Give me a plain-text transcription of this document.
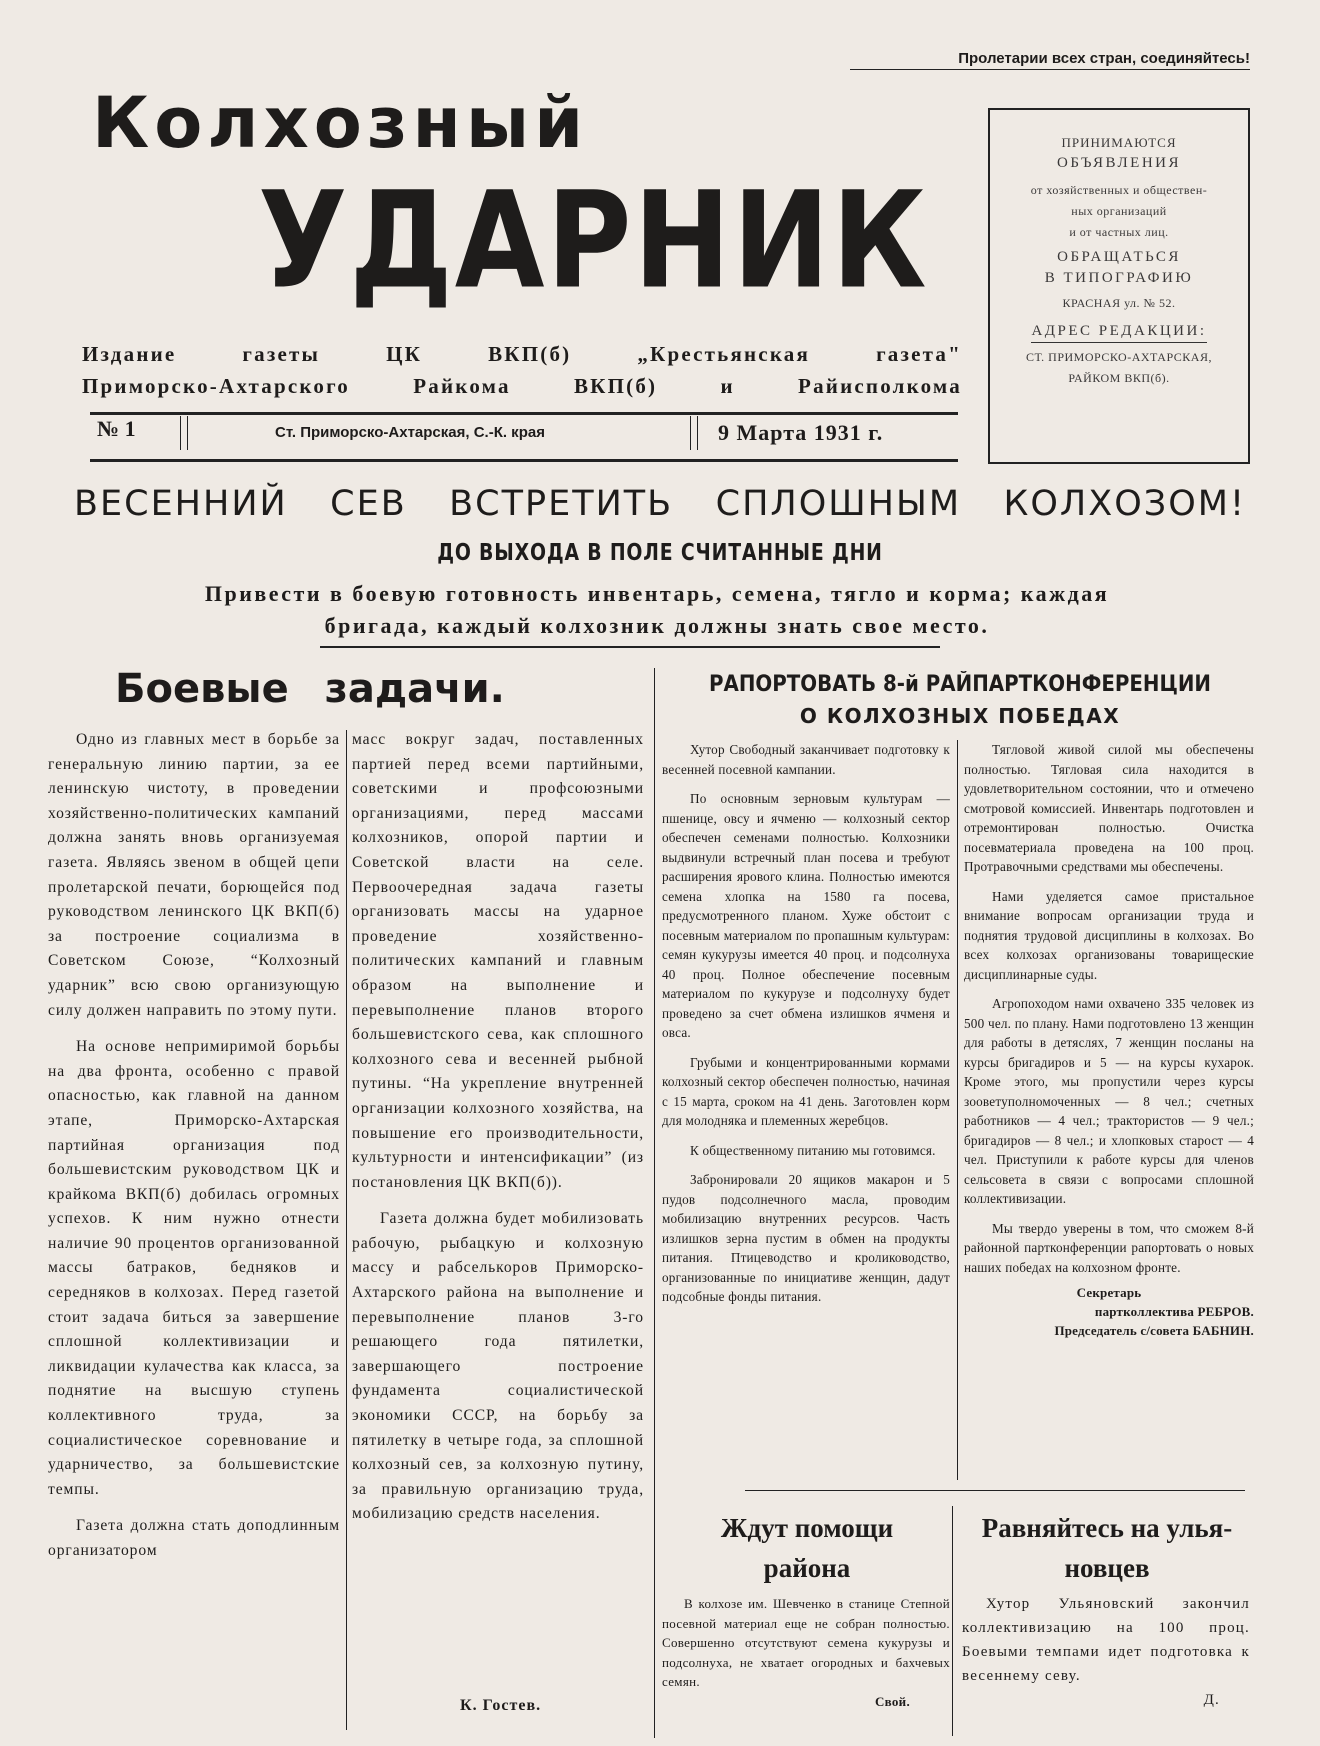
Пролетарии всех стран, соединяйтесь!
Колхозный
УДАРНИК
Издание газеты ЦК ВКП(б) „Крестьянская газета"
Приморско-Ахтарского Райкома ВКП(б) и Райисполкома
№ 1	Ст. Приморско-Ахтарская, С.-К. края	9 Марта 1931 г.
ПРИНИМАЮТСЯ
ОБЪЯВЛЕНИЯ
от хозяйственных и обществен-
ных организаций
и от частных лиц.
ОБРАЩАТЬСЯ
В ТИПОГРАФИЮ
КРАСНАЯ ул. № 52.
АДРЕС РЕДАКЦИИ:
СТ. ПРИМОРСКО-АХТАРСКАЯ,
РАЙКОМ ВКП(б).
ВЕСЕННИЙ СЕВ ВСТРЕТИТЬ СПЛОШНЫМ КОЛХОЗОМ!
ДО ВЫХОДА В ПОЛЕ СЧИТАННЫЕ ДНИ
Привести в боевую готовность инвентарь, семена, тягло и корма; каждая
бригада, каждый колхозник должны знать свое место.
Боевые задачи.

Одно из главных мест в борьбе за генеральную линию партии, за ее ленинскую чистоту, в проведении хозяйственно-политических кампаний должна занять вновь организуемая газета. Являясь звеном в общей цепи пролетарской печати, борющейся под руководством ленинского ЦК ВКП(б) за построение социализма в Советском Союзе, “Колхозный ударник” всю свою организующую силу должен направить по этому пути.

На основе непримиримой борьбы на два фронта, особенно с правой опасностью, как главной на данном этапе, Приморско-Ахтарская партийная организация под большевистским руководством ЦК и крайкома ВКП(б) добилась огромных успехов. К ним нужно отнести наличие 90 процентов организованной массы батраков, бедняков и середняков в колхозах. Перед газетой стоит задача биться за завершение сплошной коллективизации и ликвидации кулачества как класса, за поднятие на высшую ступень коллективного труда, за социалистическое соревнование и ударничество, за большевистские темпы.

Газета должна стать доподлинным организатором

масс вокруг задач, поставленных партией перед всеми партийными, советскими и профсоюзными организациями, перед массами колхозников, опорой партии и Советской власти на селе. Первоочередная задача газеты организовать массы на ударное проведение хозяйственно-политических кампаний и главным образом на выполнение и перевыполнение планов второго большевистского сева, как сплошного колхозного сева и весенней рыбной путины. “На укрепление внутренней организации колхозного хозяйства, на повышение его производительности, культурности и интенсификации” (из постановления ЦК ВКП(б)).

Газета должна будет мобилизовать рабочую, рыбацкую и колхозную массу и рабселькоров Приморско-Ахтарского района на выполнение и перевыполнение планов 3-го решающего года пятилетки, завершающего построение фундамента социалистической экономики СССР, на борьбу за пятилетку в четыре года, за сплошной колхозный сев, за колхозную путину, за правильную организацию труда, мобилизацию средств населения.

К. Гостев.
РАПОРТОВАТЬ 8-й РАЙПАРТКОНФЕРЕНЦИИ
О КОЛХОЗНЫХ ПОБЕДАХ

Хутор Свободный заканчивает подготовку к весенней посевной кампании.

По основным зерновым культурам — пшенице, овсу и ячменю — колхозный сектор обеспечен семенами полностью. Колхозники выдвинули встречный план посева и требуют расширения ярового клина. Полностью имеются семена хлопка на 1580 га посева, предусмотренного планом. Хуже обстоит с посевным материалом по пропашным культурам: семян кукурузы имеется 40 проц. и подсолнуха 40 проц. Полное обеспечение посевным материалом по кукурузе и подсолнуху будет проведено за счет обмена излишков ячменя и овса.

Грубыми и концентрированными кормами колхозный сектор обеспечен полностью, начиная с 15 марта, сроком на 41 день. Заготовлен корм для молодняка и племенных жеребцов.

К общественному питанию мы готовимся.

Забронировали 20 ящиков макарон и 5 пудов подсолнечного масла, проводим мобилизацию внутренних ресурсов. Часть излишков зерна пустим в обмен на продукты питания. Птицеводство и кролиководство, организованные по инициативе женщин, дадут подсобные фонды питания.

Тягловой живой силой мы обеспечены полностью. Тягловая сила находится в удовлетворительном состоянии, что и отмечено смотровой комиссией. Инвентарь подготовлен и отремонтирован полностью. Очистка посевматериала проведена на 100 проц. Протравочными средствами мы обеспечены.

Нами уделяется самое пристальное внимание вопросам организации труда и поднятия трудовой дисциплины в колхозах. Во всех колхозах организованы товарищеские дисциплинарные суды.

Агропоходом нами охвачено 335 человек из 500 чел. по плану. Нами подготовлено 13 женщин для работы в детяслях, 7 женщин посланы на курсы бригадиров и 5 — на курсы кухарок. Кроме этого, мы пропустили через курсы зооветуполномоченных — 8 чел.; счетных работников — 4 чел.; трактористов — 9 чел.; бригадиров — 8 чел.; и хлопковых старост — 4 чел. Приступили к работе курсы для членов сельсовета в связи с вопросами сплошной коллективизации.

Мы твердо уверены в том, что сможем 8-й районной партконференции рапортовать о новых наших победах на колхозном фронте.

Секретарь
партколлектива РЕБРОВ.
Председатель с/совета БАБНИН.
Ждут помощи
района

В колхозе им. Шевченко в станице Степной посевной материал еще не собран полностью. Совершенно отсутствуют семена кукурузы и подсолнуха, не хватает огородных и бахчевых семян.

Свой.
Равняйтесь на улья-
новцев

Хутор Ульяновский закончил коллективизацию на 100 проц. Боевыми темпами идет подготовка к весеннему севу.

Д.
